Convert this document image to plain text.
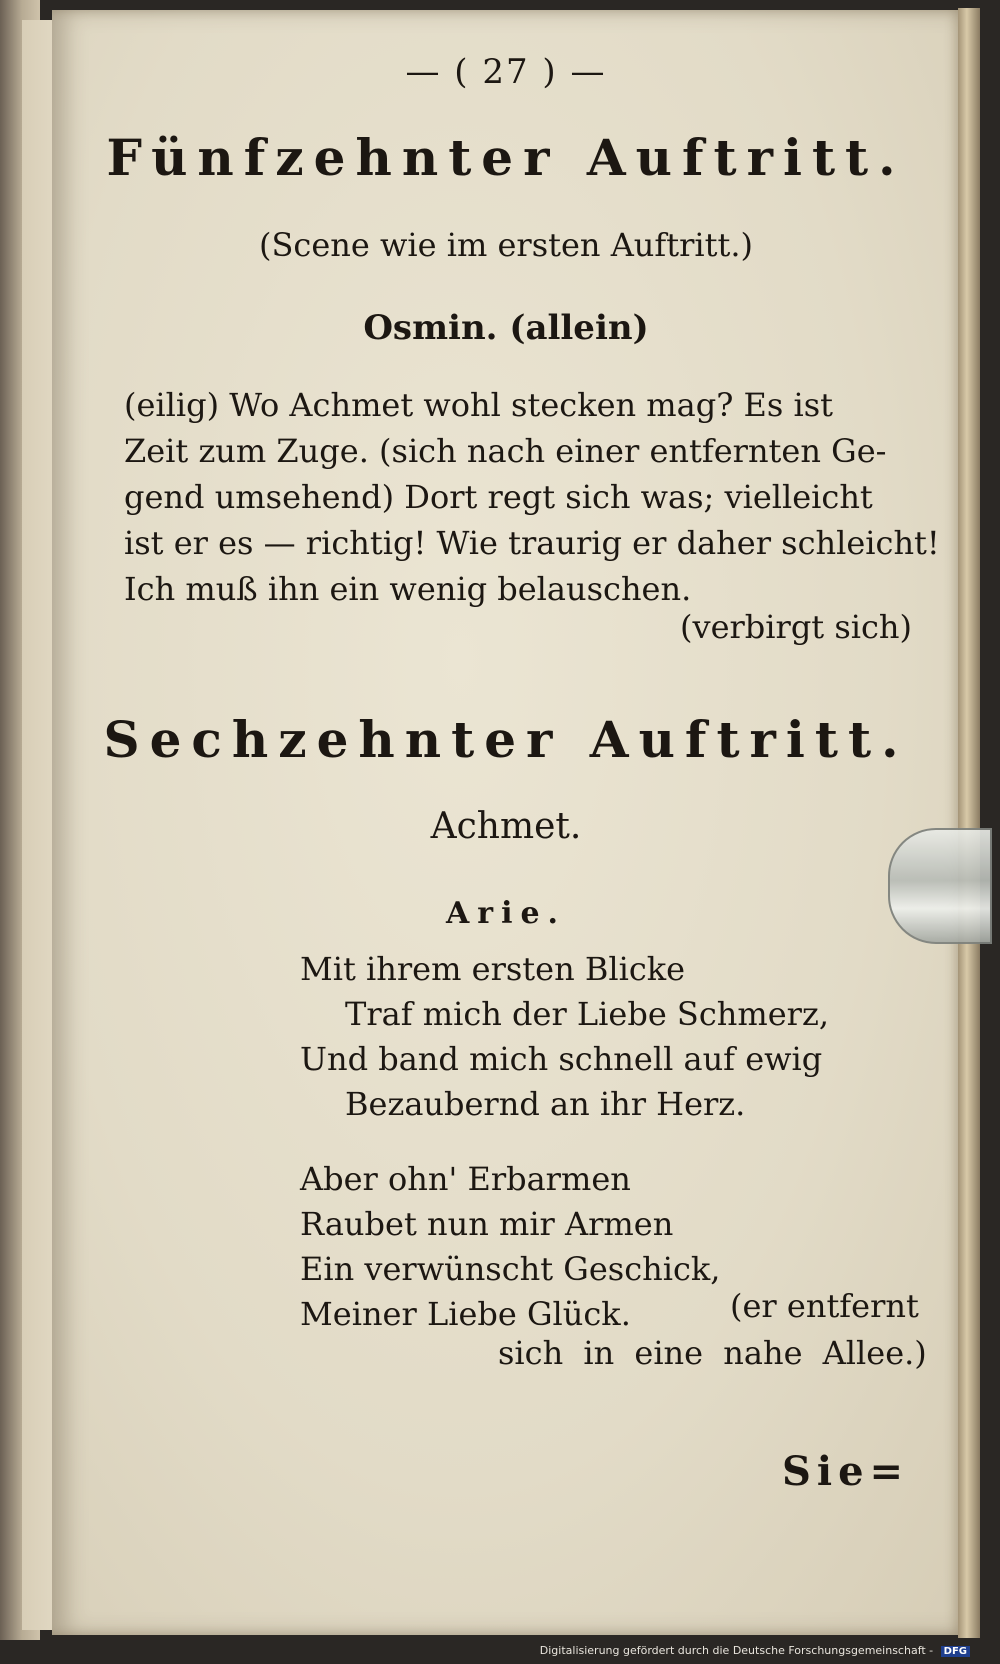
— ( 27 ) —
Fünfzehnter Auftritt.
(Scene wie im ersten Auftritt.)
Osmin. (allein)
(eilig) Wo Achmet wohl stecken mag? Es ist
Zeit zum Zuge. (sich nach einer entfernten Ge-
gend umsehend) Dort regt sich was; vielleicht
ist er es — richtig! Wie traurig er daher schleicht!
Ich muß ihn ein wenig belauschen.
(verbirgt sich)
Sechzehnter Auftritt.
Achmet.
Arie.
Mit ihrem ersten Blicke
Traf mich der Liebe Schmerz,
Und band mich schnell auf ewig
Bezaubernd an ihr Herz.
Aber ohn' Erbarmen
Raubet nun mir Armen
Ein verwünscht Geschick,
Meiner Liebe Glück.	(er entfernt
sich in eine nahe Allee.)
Sie=
Digitalisierung gefördert durch die Deutsche Forschungsgemeinschaft - DFG
